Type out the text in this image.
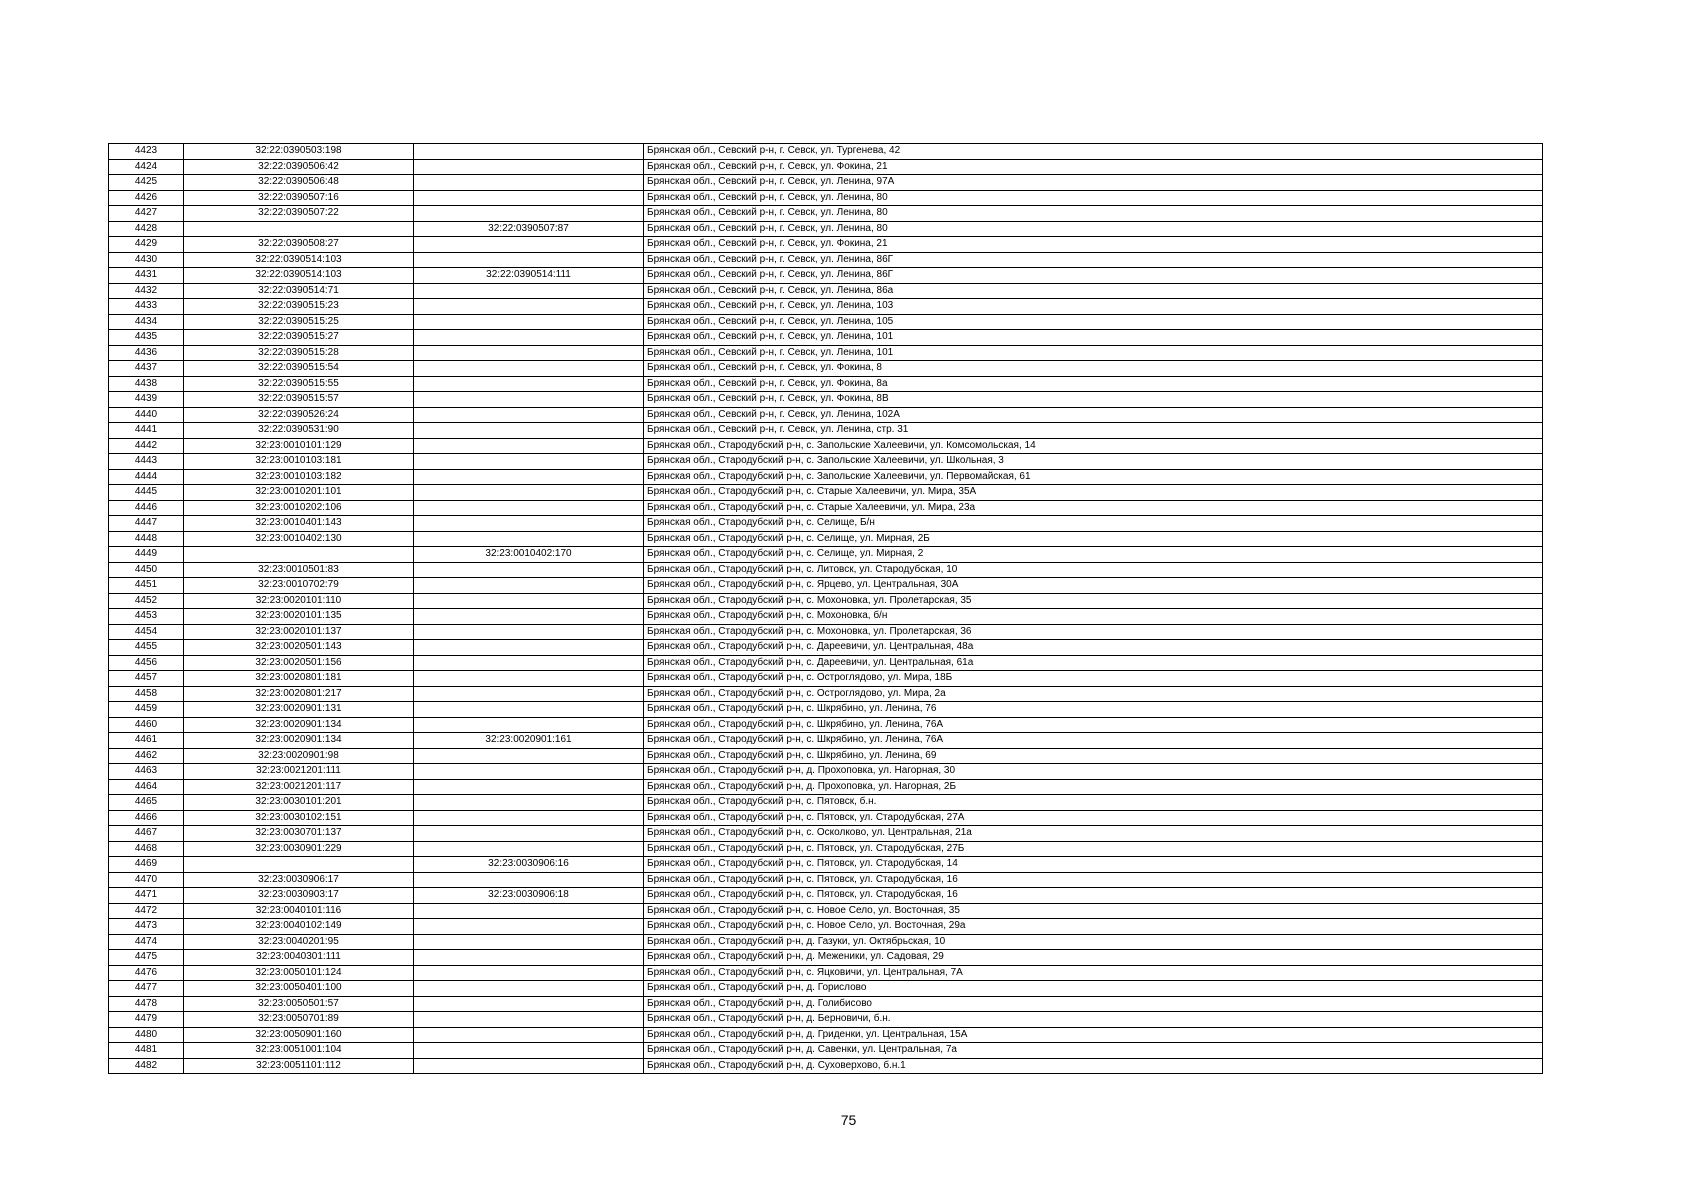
4423	32:22:0390503:198		Брянская обл., Севский р-н, г. Севск, ул. Тургенева, 42
4424	32:22:0390506:42		Брянская обл., Севский р-н, г. Севск, ул. Фокина, 21
4425	32:22:0390506:48		Брянская обл., Севский р-н, г. Севск, ул. Ленина, 97А
4426	32:22:0390507:16		Брянская обл., Севский р-н, г. Севск, ул. Ленина, 80
4427	32:22:0390507:22		Брянская обл., Севский р-н, г. Севск, ул. Ленина, 80
4428		32:22:0390507:87	Брянская обл., Севский р-н, г. Севск, ул. Ленина, 80
4429	32:22:0390508:27		Брянская обл., Севский р-н, г. Севск, ул. Фокина, 21
4430	32:22:0390514:103		Брянская обл., Севский р-н, г. Севск, ул. Ленина, 86Г
4431	32:22:0390514:103	32:22:0390514:111	Брянская обл., Севский р-н, г. Севск, ул. Ленина, 86Г
4432	32:22:0390514:71		Брянская обл., Севский р-н, г. Севск, ул. Ленина, 86а
4433	32:22:0390515:23		Брянская обл., Севский р-н, г. Севск, ул. Ленина, 103
4434	32:22:0390515:25		Брянская обл., Севский р-н, г. Севск, ул. Ленина, 105
4435	32:22:0390515:27		Брянская обл., Севский р-н, г. Севск, ул. Ленина, 101
4436	32:22:0390515:28		Брянская обл., Севский р-н, г. Севск, ул. Ленина, 101
4437	32:22:0390515:54		Брянская обл., Севский р-н, г. Севск, ул. Фокина, 8
4438	32:22:0390515:55		Брянская обл., Севский р-н, г. Севск, ул. Фокина, 8а
4439	32:22:0390515:57		Брянская обл., Севский р-н, г. Севск, ул. Фокина, 8В
4440	32:22:0390526:24		Брянская обл., Севский р-н, г. Севск, ул. Ленина, 102А
4441	32:22:0390531:90		Брянская обл., Севский р-н, г. Севск, ул. Ленина, стр. 31
4442	32:23:0010101:129		Брянская обл., Стародубский р-н, с. Запольские Халеевичи, ул. Комсомольская, 14
4443	32:23:0010103:181		Брянская обл., Стародубский р-н, с. Запольские Халеевичи, ул. Школьная, 3
4444	32:23:0010103:182		Брянская обл., Стародубский р-н, с. Запольские Халеевичи, ул. Первомайская, 61
4445	32:23:0010201:101		Брянская обл., Стародубский р-н, с. Старые Халеевичи, ул. Мира, 35А
4446	32:23:0010202:106		Брянская обл., Стародубский р-н, с. Старые Халеевичи, ул. Мира, 23а
4447	32:23:0010401:143		Брянская обл., Стародубский р-н, с. Селище, Б/н
4448	32:23:0010402:130		Брянская обл., Стародубский р-н, с. Селище, ул. Мирная, 2Б
4449		32:23:0010402:170	Брянская обл., Стародубский р-н, с. Селище, ул. Мирная, 2
4450	32:23:0010501:83		Брянская обл., Стародубский р-н, с. Литовск, ул. Стародубская, 10
4451	32:23:0010702:79		Брянская обл., Стародубский р-н, с. Ярцево, ул. Центральная, 30А
4452	32:23:0020101:110		Брянская обл., Стародубский р-н, с. Мохоновка, ул. Пролетарская, 35
4453	32:23:0020101:135		Брянская обл., Стародубский р-н, с. Мохоновка, б/н
4454	32:23:0020101:137		Брянская обл., Стародубский р-н, с. Мохоновка, ул. Пролетарская, 36
4455	32:23:0020501:143		Брянская обл., Стародубский р-н, с. Дареевичи, ул. Центральная, 48а
4456	32:23:0020501:156		Брянская обл., Стародубский р-н, с. Дареевичи, ул. Центральная, 61а
4457	32:23:0020801:181		Брянская обл., Стародубский р-н, с. Остроглядово, ул. Мира, 18Б
4458	32:23:0020801:217		Брянская обл., Стародубский р-н, с. Остроглядово, ул. Мира, 2а
4459	32:23:0020901:131		Брянская обл., Стародубский р-н, с. Шкрябино, ул. Ленина, 76
4460	32:23:0020901:134		Брянская обл., Стародубский р-н, с. Шкрябино, ул. Ленина, 76А
4461	32:23:0020901:134	32:23:0020901:161	Брянская обл., Стародубский р-н, с. Шкрябино, ул. Ленина, 76А
4462	32:23:0020901:98		Брянская обл., Стародубский р-н, с. Шкрябино, ул. Ленина, 69
4463	32:23:0021201:111		Брянская обл., Стародубский р-н, д. Прохоповка, ул. Нагорная, 30
4464	32:23:0021201:117		Брянская обл., Стародубский р-н, д. Прохоповка, ул. Нагорная, 2Б
4465	32:23:0030101:201		Брянская обл., Стародубский р-н, с. Пятовск, б.н.
4466	32:23:0030102:151		Брянская обл., Стародубский р-н, с. Пятовск, ул. Стародубская, 27А
4467	32:23:0030701:137		Брянская обл., Стародубский р-н, с. Осколково, ул. Центральная, 21а
4468	32:23:0030901:229		Брянская обл., Стародубский р-н, с. Пятовск, ул. Стародубская, 27Б
4469		32:23:0030906:16	Брянская обл., Стародубский р-н, с. Пятовск, ул. Стародубская, 14
4470	32:23:0030906:17		Брянская обл., Стародубский р-н, с. Пятовск, ул. Стародубская, 16
4471	32:23:0030903:17	32:23:0030906:18	Брянская обл., Стародубский р-н, с. Пятовск, ул. Стародубская, 16
4472	32:23:0040101:116		Брянская обл., Стародубский р-н, с. Новое Село, ул. Восточная, 35
4473	32:23:0040102:149		Брянская обл., Стародубский р-н, с. Новое Село, ул. Восточная, 29а
4474	32:23:0040201:95		Брянская обл., Стародубский р-н, д. Газуки, ул. Октябрьская, 10
4475	32:23:0040301:111		Брянская обл., Стародубский р-н, д. Меженики, ул. Садовая, 29
4476	32:23:0050101:124		Брянская обл., Стародубский р-н, с. Яцковичи, ул. Центральная, 7А
4477	32:23:0050401:100		Брянская обл., Стародубский р-н, д. Горислово
4478	32:23:0050501:57		Брянская обл., Стародубский р-н, д. Голибисово
4479	32:23:0050701:89		Брянская обл., Стародубский р-н, д. Берновичи, б.н.
4480	32:23:0050901:160		Брянская обл., Стародубский р-н, д. Гриденки, ул. Центральная, 15А
4481	32:23:0051001:104		Брянская обл., Стародубский р-н, д. Савенки, ул. Центральная, 7а
4482	32:23:0051101:112		Брянская обл., Стародубский р-н, д. Суховерхово, б.н.1
75
